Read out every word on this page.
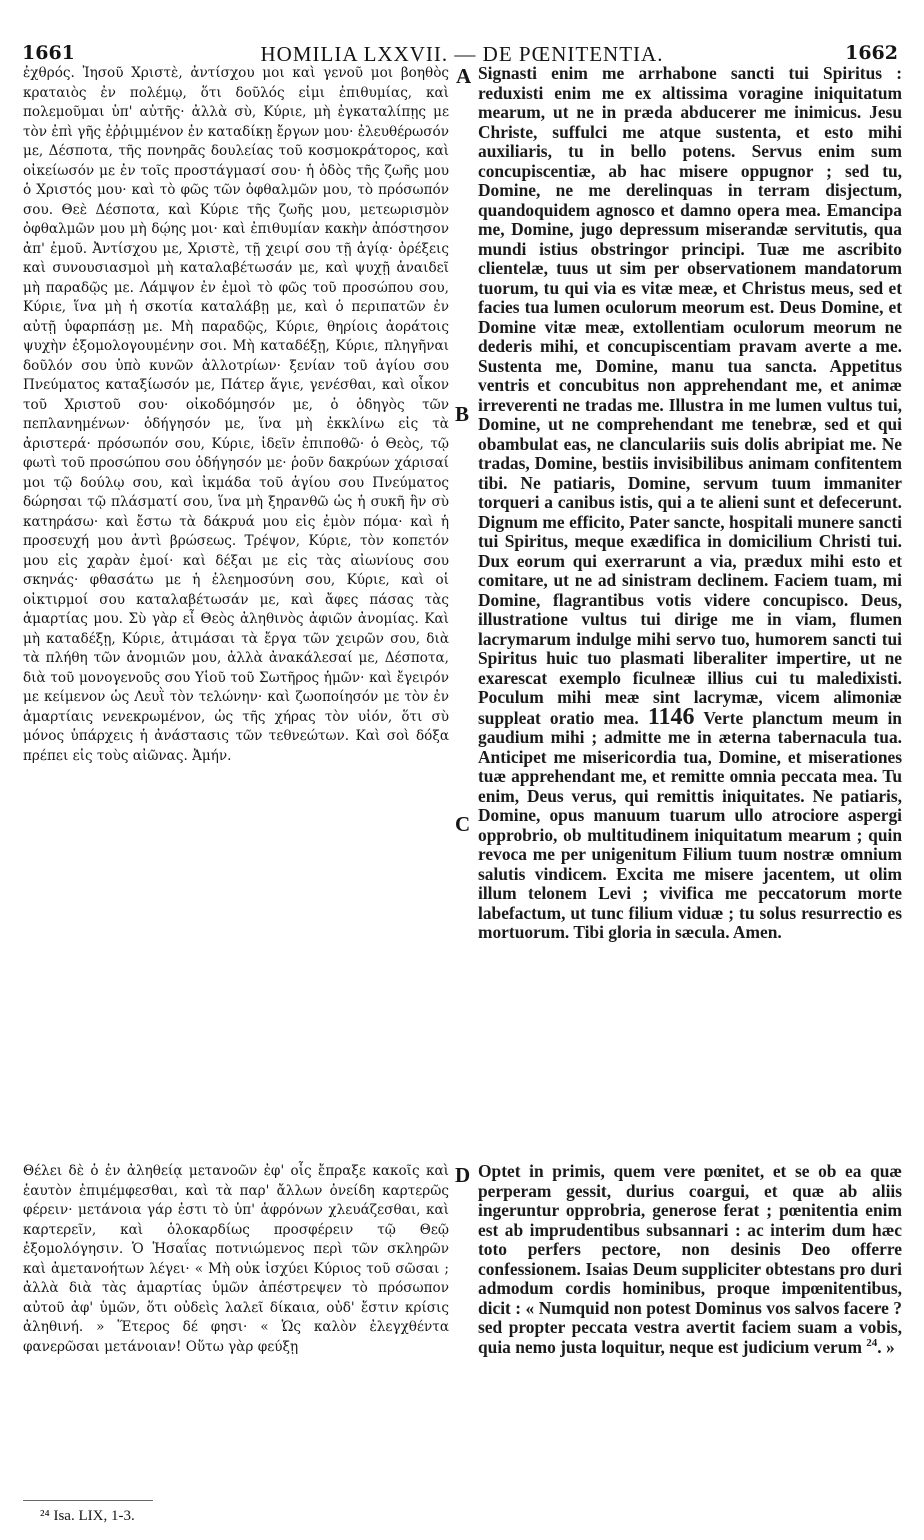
1661	HOMILIA LXXVII. — DE PŒNITENTIA.	1662
A
B
C
D

ἐχθρός. Ἰησοῦ Χριστὲ, ἀντίσχου μοι καὶ γενοῦ μοι βοηθὸς κραταιὸς ἐν πολέμῳ, ὅτι δοῦλός εἰμι ἐπιθυμίας, καὶ πολεμοῦμαι ὑπ' αὐτῆς· ἀλλὰ σὺ, Κύριε, μὴ ἐγκαταλίπῃς με τὸν ἐπὶ γῆς ἐῤῥιμμένον ἐν καταδίκῃ ἔργων μου· ἐλευθέρωσόν με, Δέσποτα, τῆς πονηρᾶς δουλείας τοῦ κοσμοκράτορος, καὶ οἰκείωσόν με ἐν τοῖς προστάγμασί σου· ἡ ὁδὸς τῆς ζωῆς μου ὁ Χριστός μου· καὶ τὸ φῶς τῶν ὀφθαλμῶν μου, τὸ πρόσωπόν σου. Θεὲ Δέσποτα, καὶ Κύριε τῆς ζωῆς μου, μετεωρισμὸν ὀφθαλμῶν μου μὴ δῴης μοι· καὶ ἐπιθυμίαν κακὴν ἀπόστησον ἀπ' ἐμοῦ. Ἀντίσχου με, Χριστὲ, τῇ χειρί σου τῇ ἁγίᾳ· ὀρέξεις καὶ συνουσιασμοὶ μὴ καταλαβέτωσάν με, καὶ ψυχῇ ἀναιδεῖ μὴ παραδῷς με. Λάμψον ἐν ἐμοὶ τὸ φῶς τοῦ προσώπου σου, Κύριε, ἵνα μὴ ἡ σκοτία καταλάβῃ με, καὶ ὁ περιπατῶν ἐν αὐτῇ ὑφαρπάσῃ με. Μὴ παραδῷς, Κύριε, θηρίοις ἀοράτοις ψυχὴν ἐξομολογουμένην σοι. Μὴ καταδέξῃ, Κύριε, πληγῆναι δοῦλόν σου ὑπὸ κυνῶν ἀλλοτρίων· ξενίαν τοῦ ἁγίου σου Πνεύματος καταξίωσόν με, Πάτερ ἅγιε, γενέσθαι, καὶ οἶκον τοῦ Χριστοῦ σου· οἰκοδόμησόν με, ὁ ὁδηγὸς τῶν πεπλανημένων· ὁδήγησόν με, ἵνα μὴ ἐκκλίνω εἰς τὰ ἀριστερά· πρόσωπόν σου, Κύριε, ἰδεῖν ἐπιποθῶ· ὁ Θεὸς, τῷ φωτὶ τοῦ προσώπου σου ὁδήγησόν με· ῥοῦν δακρύων χάρισαί μοι τῷ δούλῳ σου, καὶ ἰκμάδα τοῦ ἁγίου σου Πνεύματος δώρησαι τῷ πλάσματί σου, ἵνα μὴ ξηρανθῶ ὡς ἡ συκῆ ἣν σὺ κατηράσω· καὶ ἔστω τὰ δάκρυά μου εἰς ἐμὸν πόμα· καὶ ἡ προσευχή μου ἀντὶ βρώσεως. Τρέψον, Κύριε, τὸν κοπετόν μου εἰς χαρὰν ἐμοί· καὶ δέξαι με εἰς τὰς αἰωνίους σου σκηνάς· φθασάτω με ἡ ἐλεημοσύνη σου, Κύριε, καὶ οἱ οἰκτιρμοί σου καταλαβέτωσάν με, καὶ ἄφες πάσας τὰς ἁμαρτίας μου. Σὺ γὰρ εἶ Θεὸς ἀληθινὸς ἀφιῶν ἀνομίας. Καὶ μὴ καταδέξῃ, Κύριε, ἀτιμάσαι τὰ ἔργα τῶν χειρῶν σου, διὰ τὰ πλήθη τῶν ἀνομιῶν μου, ἀλλὰ ἀνακάλεσαί με, Δέσποτα, διὰ τοῦ μονογενοῦς σου Υἱοῦ τοῦ Σωτῆρος ἡμῶν· καὶ ἔγειρόν με κείμενον ὡς Λευῒ τὸν τελώνην· καὶ ζωοποίησόν με τὸν ἐν ἁμαρτίαις νενεκρωμένον, ὡς τῆς χήρας τὸν υἱόν, ὅτι σὺ μόνος ὑπάρχεις ἡ ἀνάστασις τῶν τεθνεώτων. Καὶ σοὶ δόξα πρέπει εἰς τοὺς αἰῶνας. Ἀμήν.

Signasti enim me arrhabone sancti tui Spiritus : reduxisti enim me ex altissima voragine iniquitatum mearum, ut ne in præda abducerer me inimicus. Jesu Christe, suffulci me atque sustenta, et esto mihi auxiliaris, tu in bello potens. Servus enim sum concupiscentiæ, ab hac misere oppugnor ; sed tu, Domine, ne me derelinquas in terram disjectum, quandoquidem agnosco et damno opera mea. Emancipa me, Domine, jugo depressum miserandæ servitutis, qua mundi istius obstringor principi. Tuæ me ascribito clientelæ, tuus ut sim per observationem mandatorum tuorum, tu qui via es vitæ meæ, et Christus meus, sed et facies tua lumen oculorum meorum est. Deus Domine, et Domine vitæ meæ, extollentiam oculorum meorum ne dederis mihi, et concupiscentiam pravam averte a me. Sustenta me, Domine, manu tua sancta. Appetitus ventris et concubitus non apprehendant me, et animæ irreverenti ne tradas me. Illustra in me lumen vultus tui, Domine, ut ne comprehendant me tenebræ, sed et qui obambulat eas, ne clanculariis suis dolis abripiat me. Ne tradas, Domine, bestiis invisibilibus animam confitentem tibi. Ne patiaris, Domine, servum tuum immaniter torqueri a canibus istis, qui a te alieni sunt et defecerunt. Dignum me efficito, Pater sancte, hospitali munere sancti tui Spiritus, meque exædifica in domicilium Christi tui. Dux eorum qui exerrarunt a via, prædux mihi esto et comitare, ut ne ad sinistram declinem. Faciem tuam, mi Domine, flagrantibus votis videre concupisco. Deus, illustratione vultus tui dirige me in viam, flumen lacrymarum indulge mihi servo tuo, humorem sancti tui Spiritus huic tuo plasmati liberaliter impertire, ut ne exarescat exemplo ficulneæ illius cui tu maledixisti. Poculum mihi meæ sint lacrymæ, vicem alimoniæ suppleat oratio mea. 1146 Verte planctum meum in gaudium mihi ; admitte me in æterna tabernacula tua. Anticipet me misericordia tua, Domine, et miserationes tuæ apprehendant me, et remitte omnia peccata mea. Tu enim, Deus verus, qui remittis iniquitates. Ne patiaris, Domine, opus manuum tuarum ullo atrociore aspergi opprobrio, ob multitudinem iniquitatum mearum ; quin revoca me per unigenitum Filium tuum nostræ omnium salutis vindicem. Excita me misere jacentem, ut olim illum telonem Levi ; vivifica me peccatorum morte labefactum, ut tunc filium viduæ ; tu solus resurrectio es mortuorum. Tibi gloria in sæcula. Amen.

Θέλει δὲ ὁ ἐν ἀληθείᾳ μετανοῶν ἐφ' οἷς ἔπραξε κακοῖς καὶ ἑαυτὸν ἐπιμέμφεσθαι, καὶ τὰ παρ' ἄλλων ὀνείδη καρτερῶς φέρειν· μετάνοια γάρ ἐστι τὸ ὑπ' ἀφρόνων χλευάζεσθαι, καὶ καρτερεῖν, καὶ ὁλοκαρδίως προσφέρειν τῷ Θεῷ ἐξομολόγησιν. Ὁ Ἡσαΐας ποτνιώμενος περὶ τῶν σκληρῶν καὶ ἀμετανοήτων λέγει· « Μὴ οὐκ ἰσχύει Κύριος τοῦ σῶσαι ; ἀλλὰ διὰ τὰς ἁμαρτίας ὑμῶν ἀπέστρεψεν τὸ πρόσωπον αὐτοῦ ἀφ' ὑμῶν, ὅτι οὐδεὶς λαλεῖ δίκαια, οὐδ' ἔστιν κρίσις ἀληθινή. » Ἕτερος δέ φησι· « Ὡς καλὸν ἐλεγχθέντα φανερῶσαι μετάνοιαν! Οὕτω γὰρ φεύξῃ

Optet in primis, quem vere pœnitet, et se ob ea quæ perperam gessit, durius coargui, et quæ ab aliis ingeruntur opprobria, generose ferat ; pœnitentia enim est ab imprudentibus subsannari : ac interim dum hæc toto perfers pectore, non desinis Deo offerre confessionem. Isaias Deum suppliciter obtestans pro duri admodum cordis hominibus, proque impœnitentibus, dicit : « Numquid non potest Dominus vos salvos facere ? sed propter peccata vestra avertit faciem suam a vobis, quia nemo justa loquitur, neque est judicium verum $^{24}$. »

²⁴ Isa. LIX, 1-3.
